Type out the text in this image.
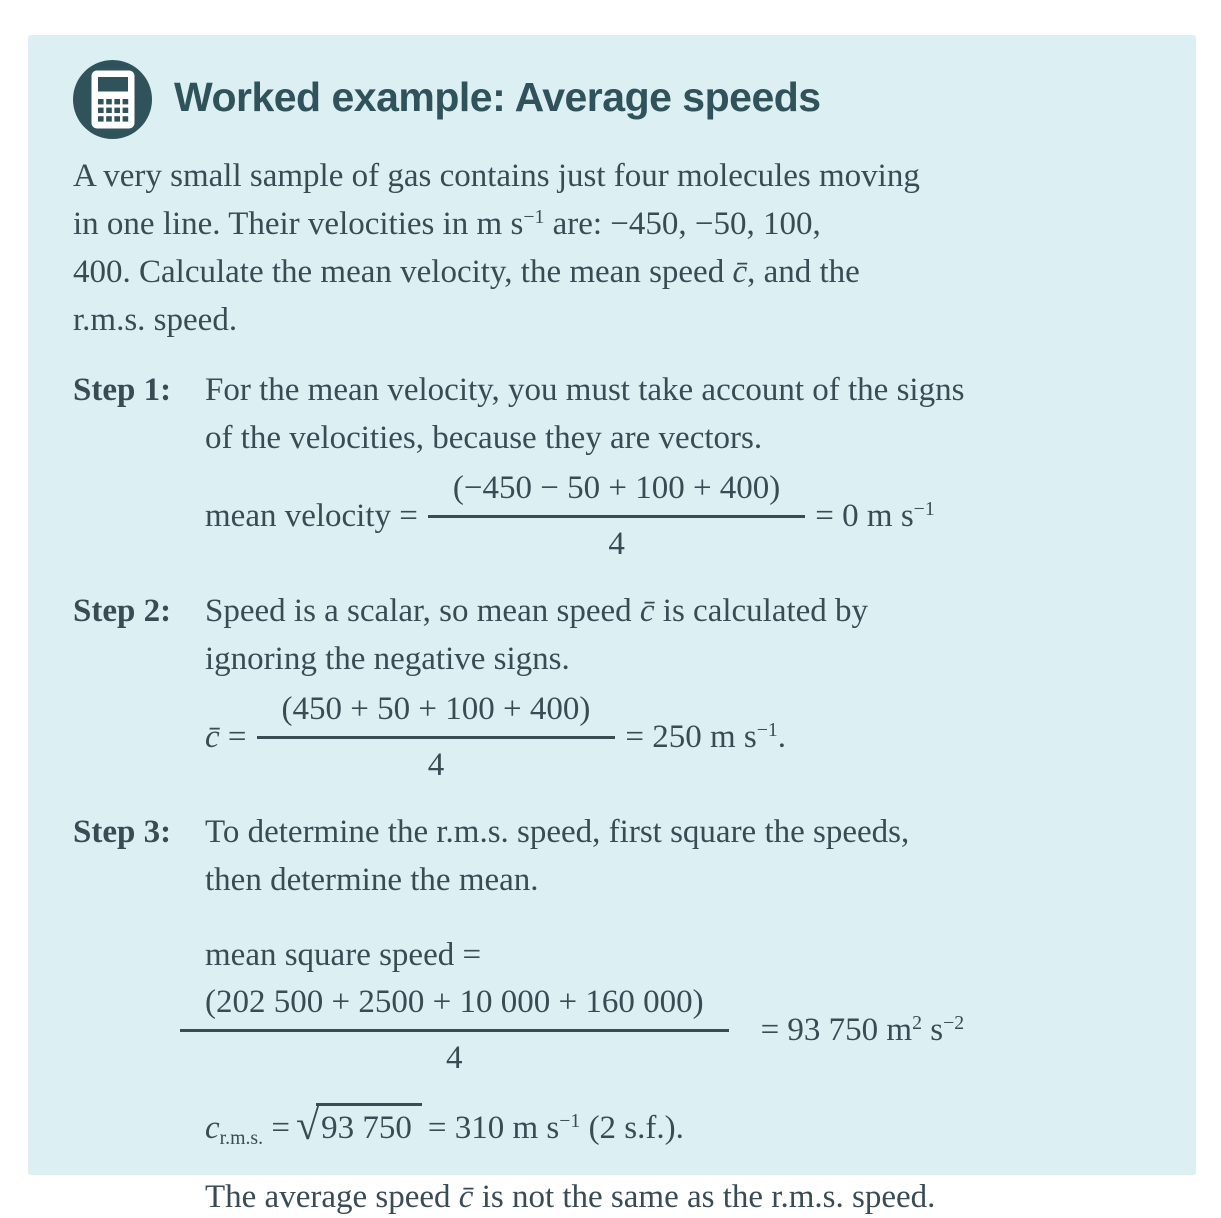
Worked example: Average speeds
A very small sample of gas contains just four molecules moving
in one line. Their velocities in m $s^{-1}$ are: −450, −50, 100,
400. Calculate the mean velocity, the mean speed c̄, and the
r.m.s. speed.
Step 1:	For the mean velocity, you must take account of the signs
of the velocities, because they are vectors.
mean velocity = $\frac{(-450 - 50 + 100 + 400)}{4} = 0$ m $s^{-1}$
Step 2:	Speed is a scalar, so mean speed c̄ is calculated by
ignoring the negative signs.
c̄ = $\frac{(450 + 50 + 100 + 400)}{4} = 250$ m $s^{-1}$.
Step 3:	To determine the r.m.s. speed, first square the speeds,
then determine the mean.
mean square speed =
$\frac{(202 500 + 2500 + 10 000 + 160 000)}{4} = 93$ 750 $m^2$ $s^{-2}$
$c_{r.m.s.}$ = √ 93 750 = 310 m $s^{-1}$ (2 s.f.).
The average speed c̄ is not the same as the r.m.s. speed.
